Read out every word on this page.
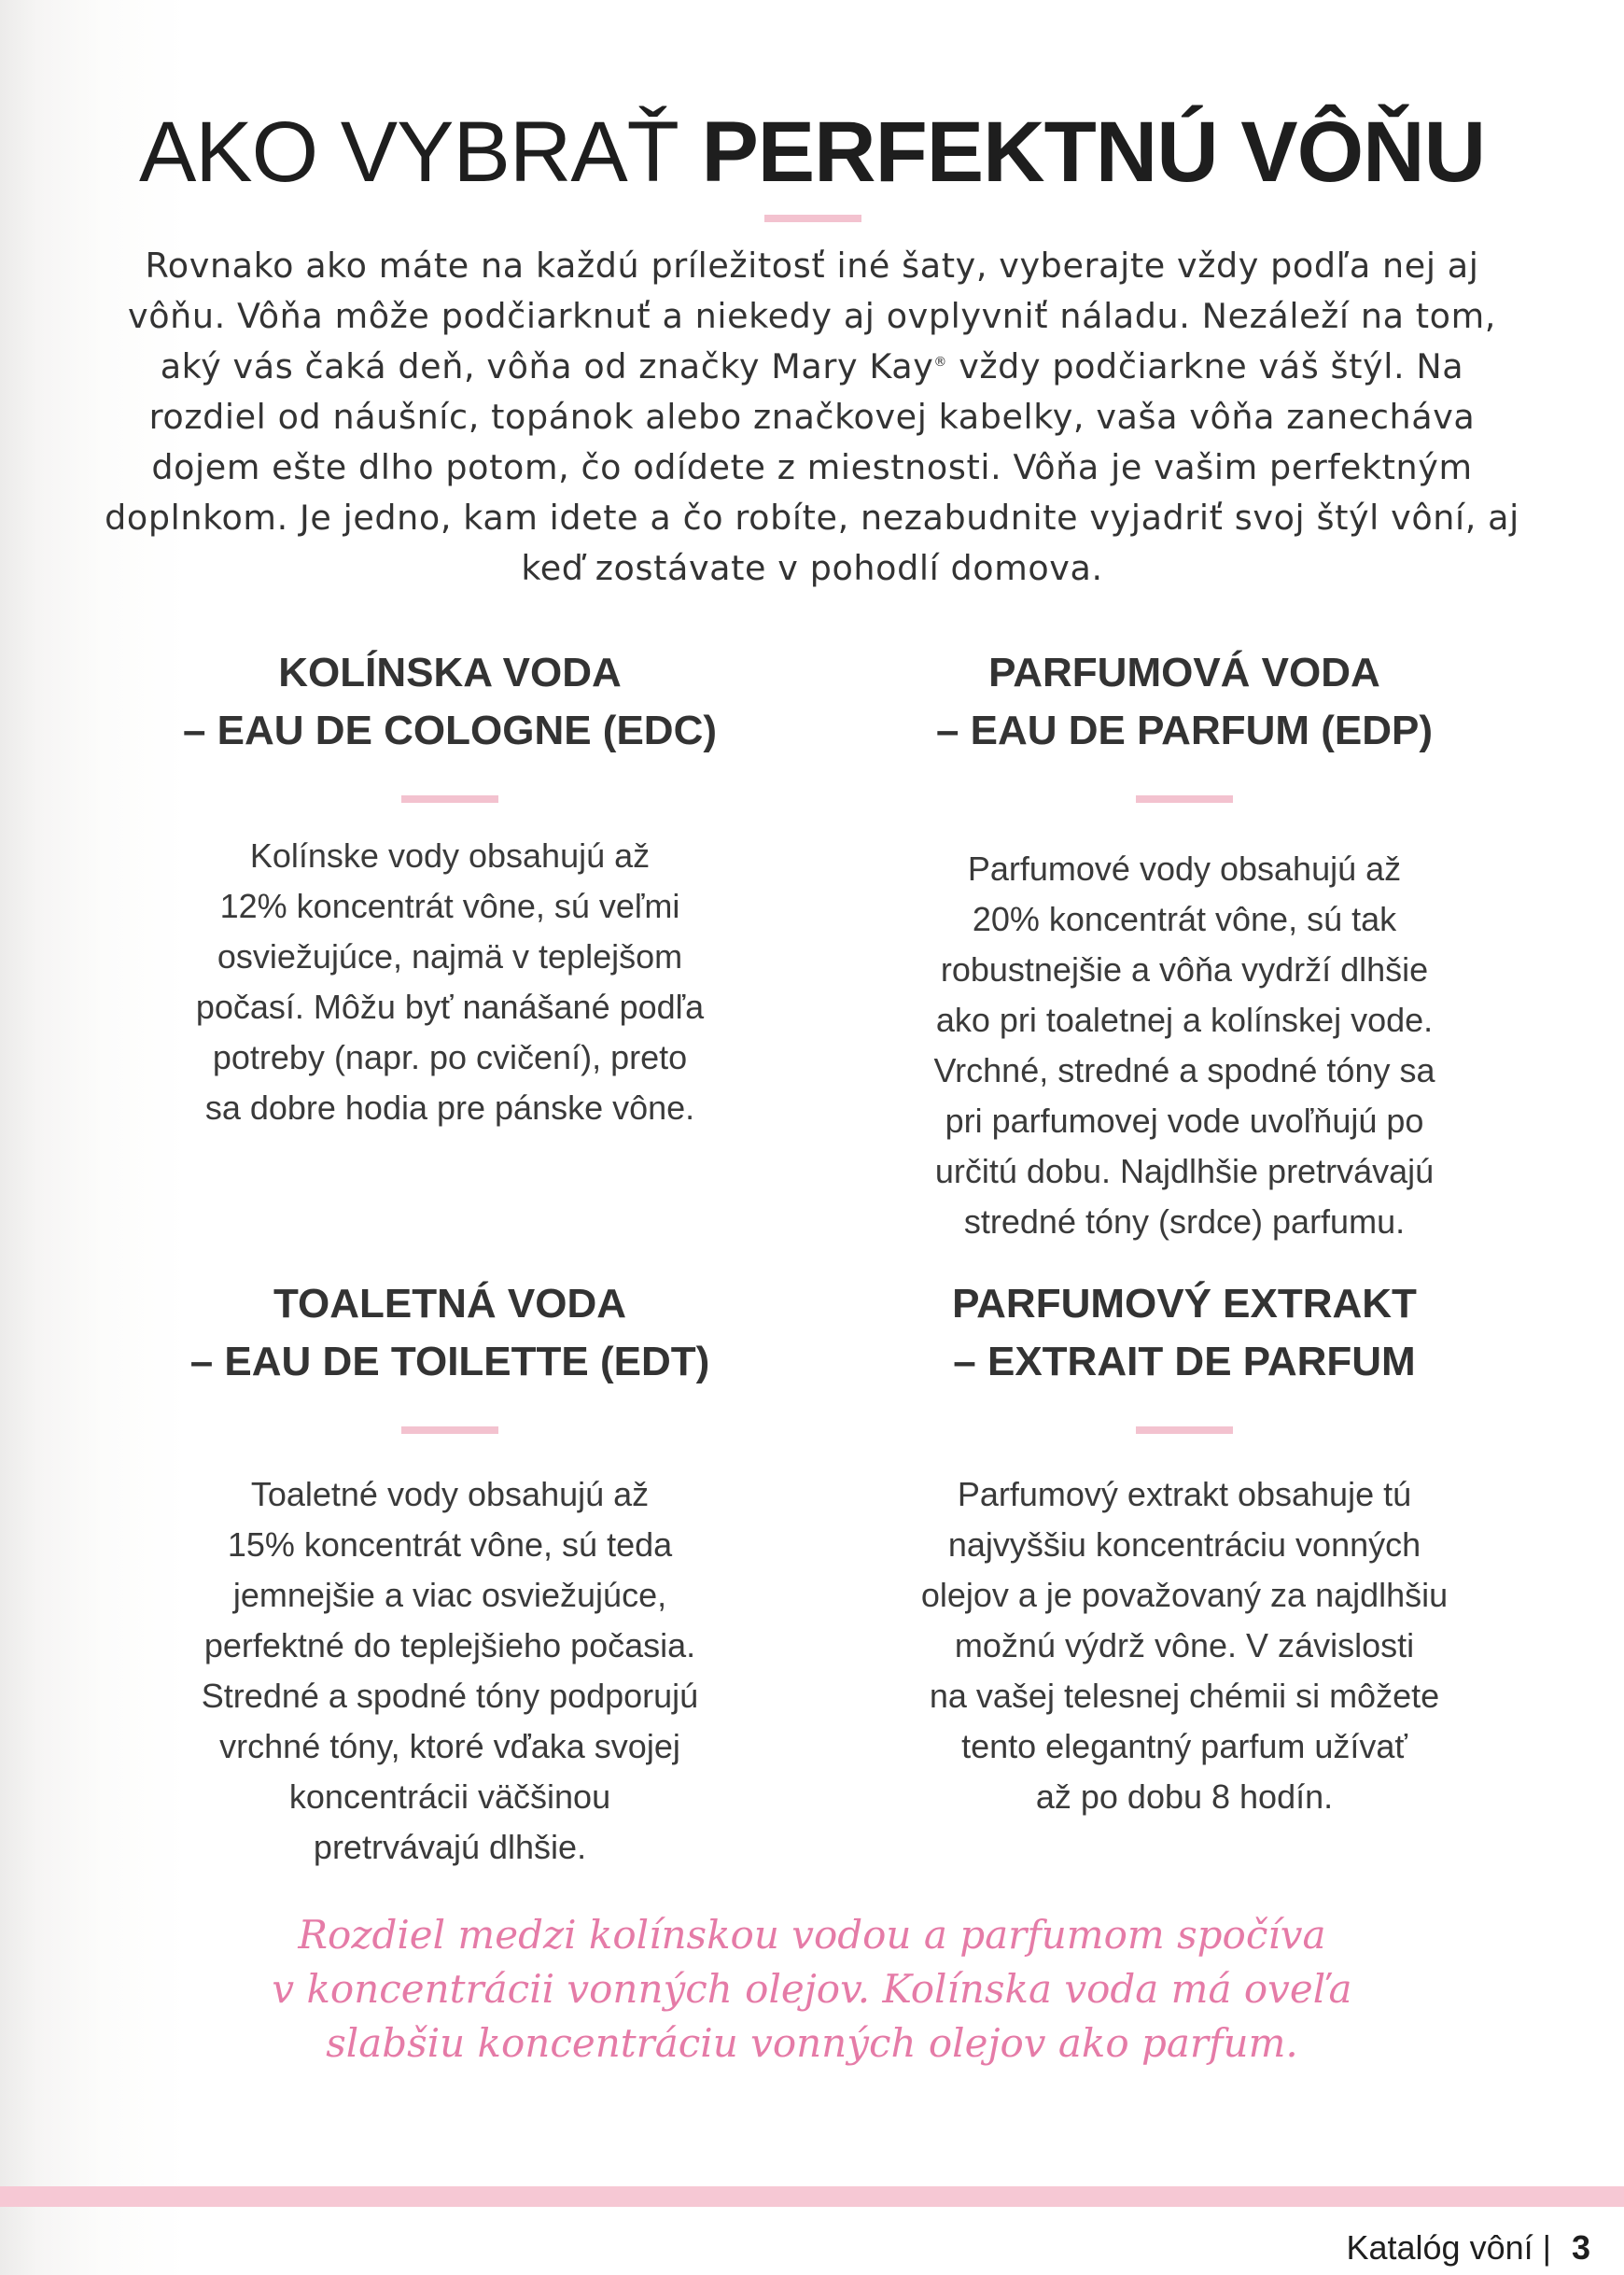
AKO VYBRAŤ PERFEKTNÚ VÔŇU
Rovnako ako máte na každú príležitosť iné šaty, vyberajte vždy podľa nej aj vôňu. Vôňa môže podčiarknuť a niekedy aj ovplyvniť náladu. Nezáleží na tom, aký vás čaká deň, vôňa od značky Mary Kay® vždy podčiarkne váš štýl. Na rozdiel od náušníc, topánok alebo značkovej kabelky, vaša vôňa zanecháva dojem ešte dlho potom, čo odídete z miestnosti. Vôňa je vašim perfektným doplnkom. Je jedno, kam idete a čo robíte, nezabudnite vyjadriť svoj štýl vôní, aj keď zostávate v pohodlí domova.
KOLÍNSKA VODA
– EAU DE COLOGNE (EDC)
Kolínske vody obsahujú až
12% koncentrát vône, sú veľmi
osviežujúce, najmä v teplejšom
počasí. Môžu byť nanášané podľa
potreby (napr. po cvičení), preto
sa dobre hodia pre pánske vône.
PARFUMOVÁ VODA
– EAU DE PARFUM (EDP)
Parfumové vody obsahujú až
20% koncentrát vône, sú tak
robustnejšie a vôňa vydrží dlhšie
ako pri toaletnej a kolínskej vode.
Vrchné, stredné a spodné tóny sa
pri parfumovej vode uvoľňujú po
určitú dobu. Najdlhšie pretrvávajú
stredné tóny (srdce) parfumu.
TOALETNÁ VODA
– EAU DE TOILETTE (EDT)
Toaletné vody obsahujú až
15% koncentrát vône, sú teda
jemnejšie a viac osviežujúce,
perfektné do teplejšieho počasia.
Stredné a spodné tóny podporujú
vrchné tóny, ktoré vďaka svojej
koncentrácii väčšinou
pretrvávajú dlhšie.
PARFUMOVÝ EXTRAKT
– EXTRAIT DE PARFUM
Parfumový extrakt obsahuje tú
najvyššiu koncentráciu vonných
olejov a je považovaný za najdlhšiu
možnú výdrž vône. V závislosti
na vašej telesnej chémii si môžete
tento elegantný parfum užívať
až po dobu 8 hodín.
Rozdiel medzi kolínskou vodou a parfumom spočíva
v koncentrácii vonných olejov. Kolínska voda má oveľa
slabšiu koncentráciu vonných olejov ako parfum.
Katalóg vôní | 3
